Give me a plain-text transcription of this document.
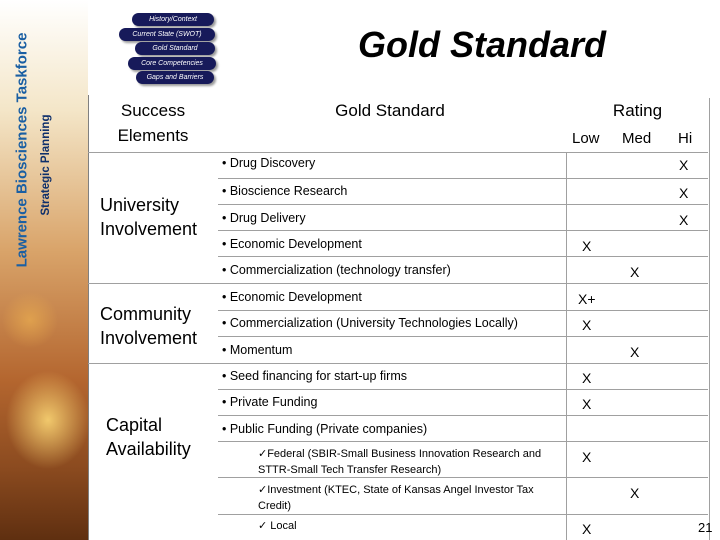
Lawrence Biosciences Taskforce Strategic Planning
History/Context
Current State (SWOT)
Gold Standard
Core Competencies
Gaps and Barriers
Gold Standard
Success Elements
Gold Standard	Rating
Low Med Hi
University Involvement
Community Involvement
Capital Availability
• Drug Discovery
• Bioscience Research
• Drug Delivery
• Economic Development
• Commercialization (technology transfer)
• Economic Development
• Commercialization (University Technologies Locally)
• Momentum
• Seed financing for start-up firms
• Private Funding
• Public Funding (Private companies)
✓Federal (SBIR-Small Business Innovation Research and STTR-Small Tech Transfer Research)
✓Investment (KTEC, State of Kansas Angel Investor Tax Credit)
✓ Local
X
X
X
X
X
X+
X
X
X
X
X
X
X	21
